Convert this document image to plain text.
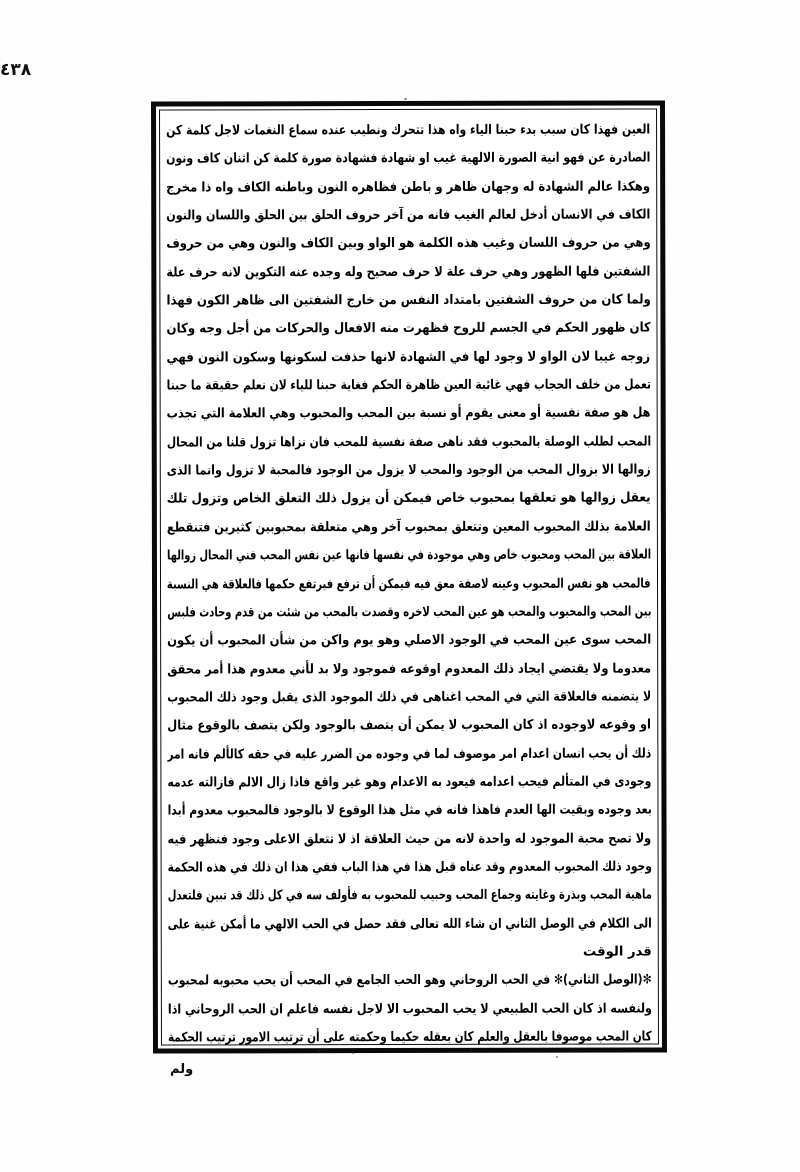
٤٣٨
العين فهذا كان سبب بدء حبنا الياء واه هذا تتحرك ونطيب عنده سماع النغمات لاجل كلمة كن
الصادرة عن فهو انية الصورة الالهية غيب او شهادة فشهادة صورة كلمة كن اثنان كاف ونون
وهكذا عالم الشهادة له وجهان ظاهر و باطن فظاهره النون وباطنه الكاف واه ذا مخرج
الكاف في الانسان أدخل لعالم الغيب فانه من آخر حروف الحلق بين الحلق واللسان والنون
وهي من حروف اللسان وغيب هذه الكلمة هو الواو وبين الكاف والنون وهي من حروف
الشفتين فلها الظهور وهي حرف علة لا حرف صحيح وله وجده عنه التكوين لانه حرف علة
ولما كان من حروف الشفتين بامتداد النفس من خارج الشفتين الى ظاهر الكون فهذا
كان ظهور الحكم في الجسم للروح فظهرت منه الافعال والحركات من أجل وجه وكان
زوجه غيبا لان الواو لا وجود لها في الشهادة لانها حذفت لسكونها وسكون النون فهي
تعمل من خلف الحجاب فهي غائبة العين ظاهرة الحكم فغاية حبنا للياء لان نعلم حقيقة ما حبنا
هل هو صفة نفسية أو معنى يقوم أو نسبة بين المحب والمحبوب وهي العلامة التي تجذب
المحب لطلب الوصلة بالمحبوب فقد ناهى صفة نفسية للمحب فان نزاها تزول قلنا من المحال
زوالها الا بزوال المحب من الوجود والمحب لا يزول من الوجود فالمحبة لا تزول وانما الذى
يعقل زوالها هو تعلقها بمحبوب خاص فيمكن أن يزول ذلك التعلق الخاص وتزول تلك
العلامة بذلك المحبوب المعين وتتعلق بمحبوب آخر وهي متعلقة بمحبوبين كثيرين فتنقطع
العلاقة بين المحب ومحبوب خاص وهي موجودة في نفسها فانها عين نفس المحب فني المحال زوالها
فالمحب هو نفس المحبوب وعينه لاصفة معق فيه فيمكن أن ترفع فيرتفع حكمها فالعلاقة هي النسبة
بين المحب والمحبوب والمحب هو عين المحب لاخره وقصدت بالمحب من شئت من قدم وحادث فلبس
المحب سوى عين المحب في الوجود الاصلي وهو يوم واكن من شأن المحبوب أن يكون
معدوما ولا يقتضي ايجاد ذلك المعدوم اوقوعه فموجود ولا بد لأني معدوم هذا أمر محقق
لا يتضمنه فالعلاقة التي في المحب اغناهى في ذلك الموجود الذى يقبل وجود ذلك المحبوب
او وقوعه لاوجوده اذ كان المحبوب لا يمكن أن يتصف بالوجود ولكن يتصف بالوقوع مثال
ذلك أن يحب انسان اعدام امر موصوف لما في وجوده من الضرر عليه في حقه كالألم فانه امر
وجودى في المتألم فيحب اعدامه فيعود به الاعدام وهو غير واقع فاذا زال الالم فازالته عدمه
بعد وجوده وبقيت الها العدم فاهذا فانه في مثل هذا الوقوع لا بالوجود فالمحبوب معدوم أبدا
ولا تصح محبة الموجود له واحدة لانه من حيث العلاقة اذ لا تتعلق الاعلى وجود فنظهر فيه
وجود ذلك المحبوب المعدوم وقد عناه قبل هذا في هذا الباب ففي هذا ان ذلك في هذه الحكمة
ماهية المحب وبذرة وغايته وجماع المحب وحبيب للمحبوب به فأولف سه في كل ذلك قد تبين فلتعدل
الى الكلام في الوصل الثاني ان شاء الله تعالى فقد حصل في الحب الالهي ما أمكن غنية على
قدر الوقت
✻(الوصل الثاني)✻ في الحب الروحاني وهو الحب الجامع في المحب أن يحب محبوبه لمحبوب
ولنفسه اذ كان الحب الطبيعي لا يحب المحبوب الا لاجل نفسه فاعلم ان الحب الروحاني اذا
كان المحب موصوفا بالعقل والعلم كان بعقله حكيما وحكمته على أن ترتيب الامور ترتيب الحكمة
ولم
